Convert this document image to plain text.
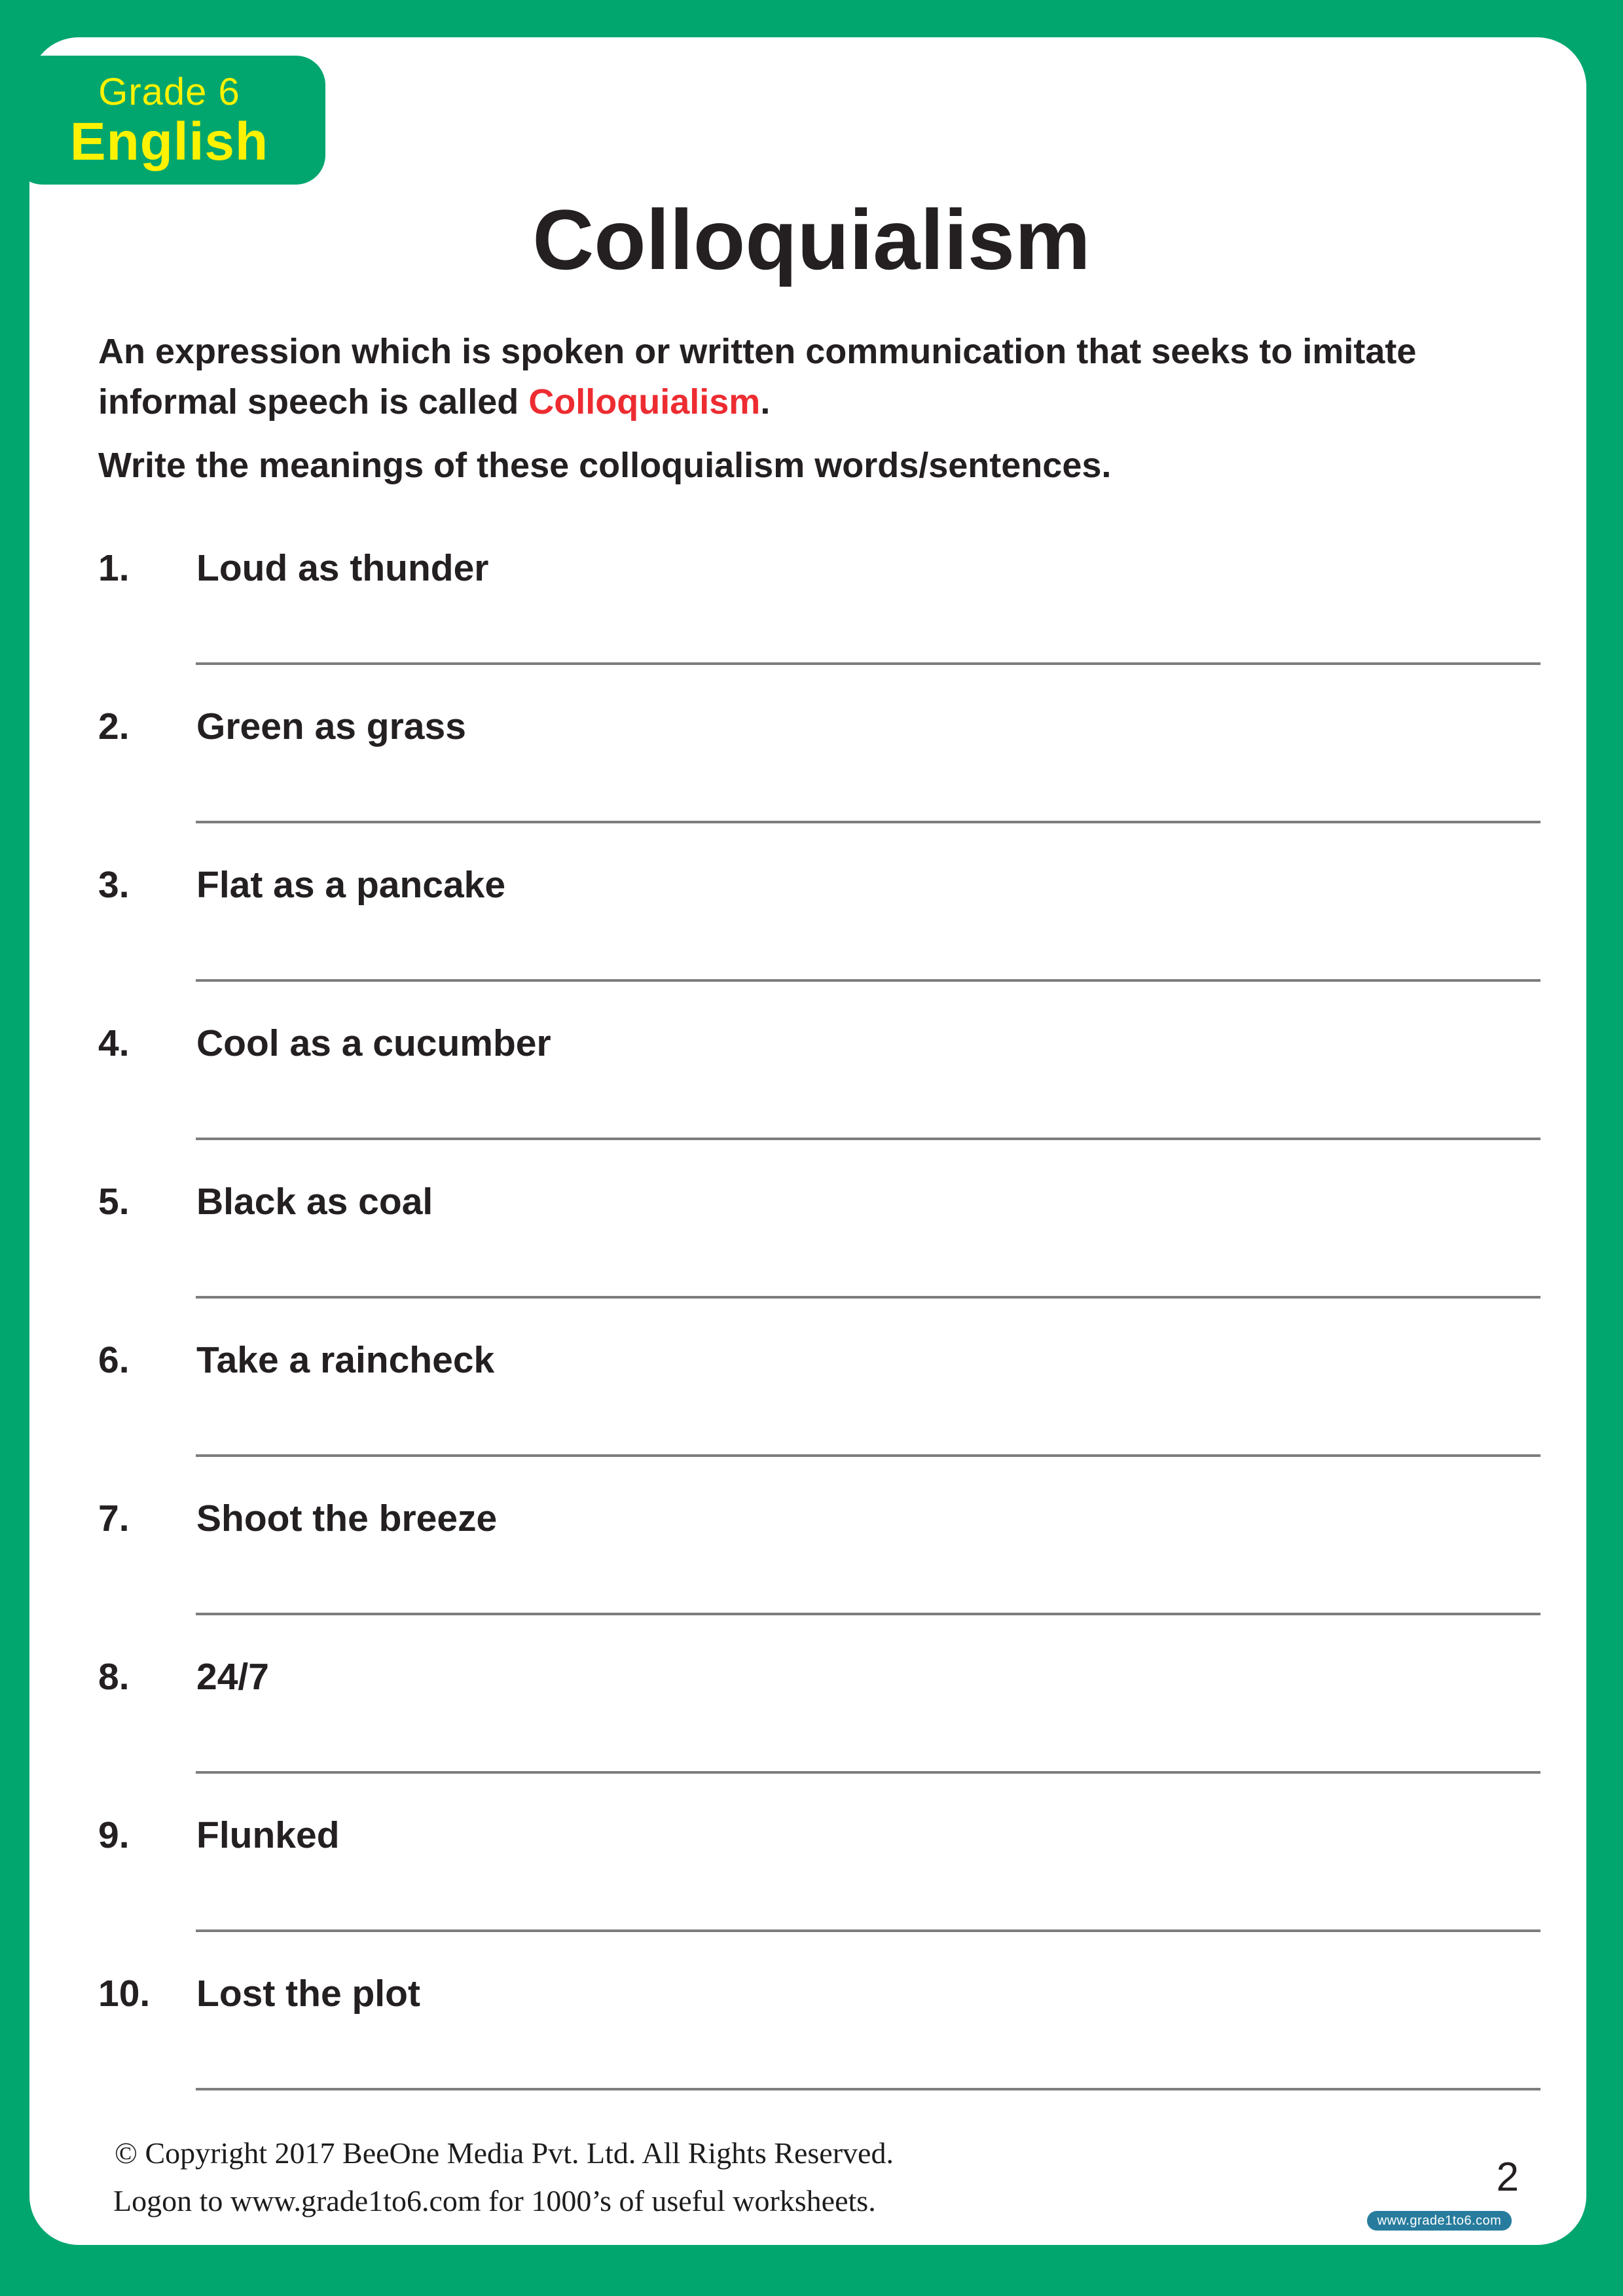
Grade 6
English
Colloquialism
An expression which is spoken or written communication that seeks to imitate
informal speech is called Colloquialism.
Write the meanings of these colloquialism words/sentences.
1.	Loud as thunder
2.	Green as grass
3.	Flat as a pancake
4.	Cool as a cucumber
5.	Black as coal
6.	Take a raincheck
7.	Shoot the breeze
8.	24/7
9.	Flunked
10.	Lost the plot
© Copyright 2017 BeeOne Media Pvt. Ltd. All Rights Reserved.
Logon to www.grade1to6.com for 1000’s of useful worksheets.
2
www.grade1to6.com
